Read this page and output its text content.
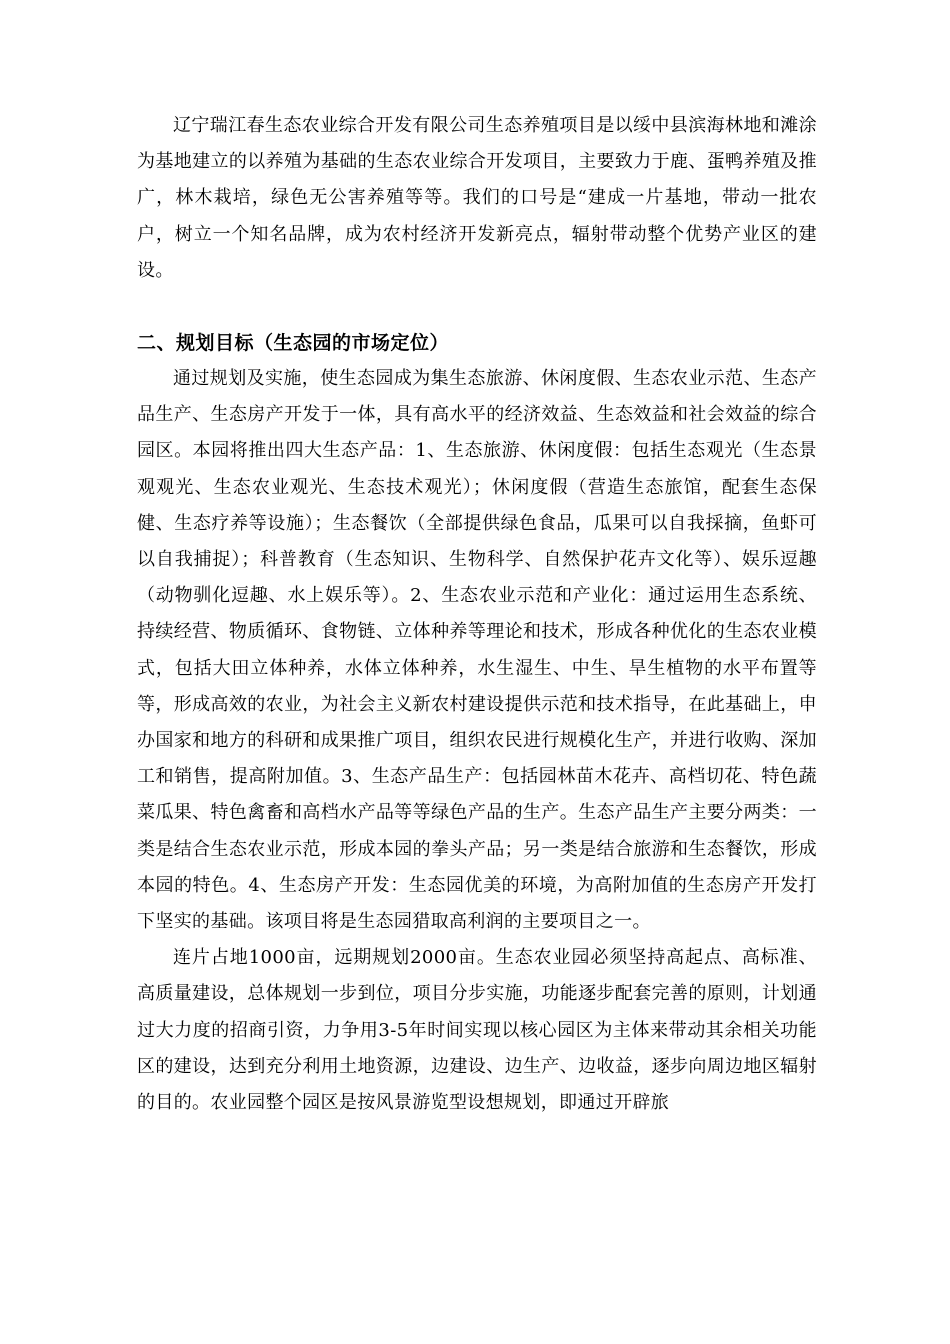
辽宁瑞江春生态农业综合开发有限公司生态养殖项目是以绥中县滨海林地和滩涂为基地建立的以养殖为基础的生态农业综合开发项目，主要致力于鹿、蛋鸭养殖及推广，林木栽培，绿色无公害养殖等等。我们的口号是“建成一片基地，带动一批农户，树立一个知名品牌，成为农村经济开发新亮点，辐射带动整个优势产业区的建设。

二、规划目标（生态园的市场定位）

通过规划及实施，使生态园成为集生态旅游、休闲度假、生态农业示范、生态产品生产、生态房产开发于一体，具有高水平的经济效益、生态效益和社会效益的综合园区。本园将推出四大生态产品：1、生态旅游、休闲度假：包括生态观光（生态景观观光、生态农业观光、生态技术观光）；休闲度假（营造生态旅馆，配套生态保健、生态疗养等设施）；生态餐饮（全部提供绿色食品，瓜果可以自我採摘，鱼虾可以自我捕捉）；科普教育（生态知识、生物科学、自然保护花卉文化等）、娱乐逗趣（动物驯化逗趣、水上娱乐等）。2、生态农业示范和产业化：通过运用生态系统、持续经营、物质循环、食物链、立体种养等理论和技术，形成各种优化的生态农业模式，包括大田立体种养，水体立体种养，水生湿生、中生、旱生植物的水平布置等等，形成高效的农业，为社会主义新农村建设提供示范和技术指导，在此基础上，申办国家和地方的科研和成果推广项目，组织农民进行规模化生产，并进行收购、深加工和销售，提高附加值。3、生态产品生产：包括园林苗木花卉、高档切花、特色蔬菜瓜果、特色禽畜和高档水产品等等绿色产品的生产。生态产品生产主要分两类：一类是结合生态农业示范，形成本园的拳头产品；另一类是结合旅游和生态餐饮，形成本园的特色。4、生态房产开发：生态园优美的环境，为高附加值的生态房产开发打下坚实的基础。该项目将是生态园猎取高利润的主要项目之一。

连片占地1000亩，远期规划2000亩。生态农业园必须坚持高起点、高标准、高质量建设，总体规划一步到位，项目分步实施，功能逐步配套完善的原则，计划通过大力度的招商引资，力争用3-5年时间实现以核心园区为主体来带动其余相关功能区的建设，达到充分利用土地资源，边建设、边生产、边收益，逐步向周边地区辐射的目的。农业园整个园区是按风景游览型设想规划，即通过开辟旅
